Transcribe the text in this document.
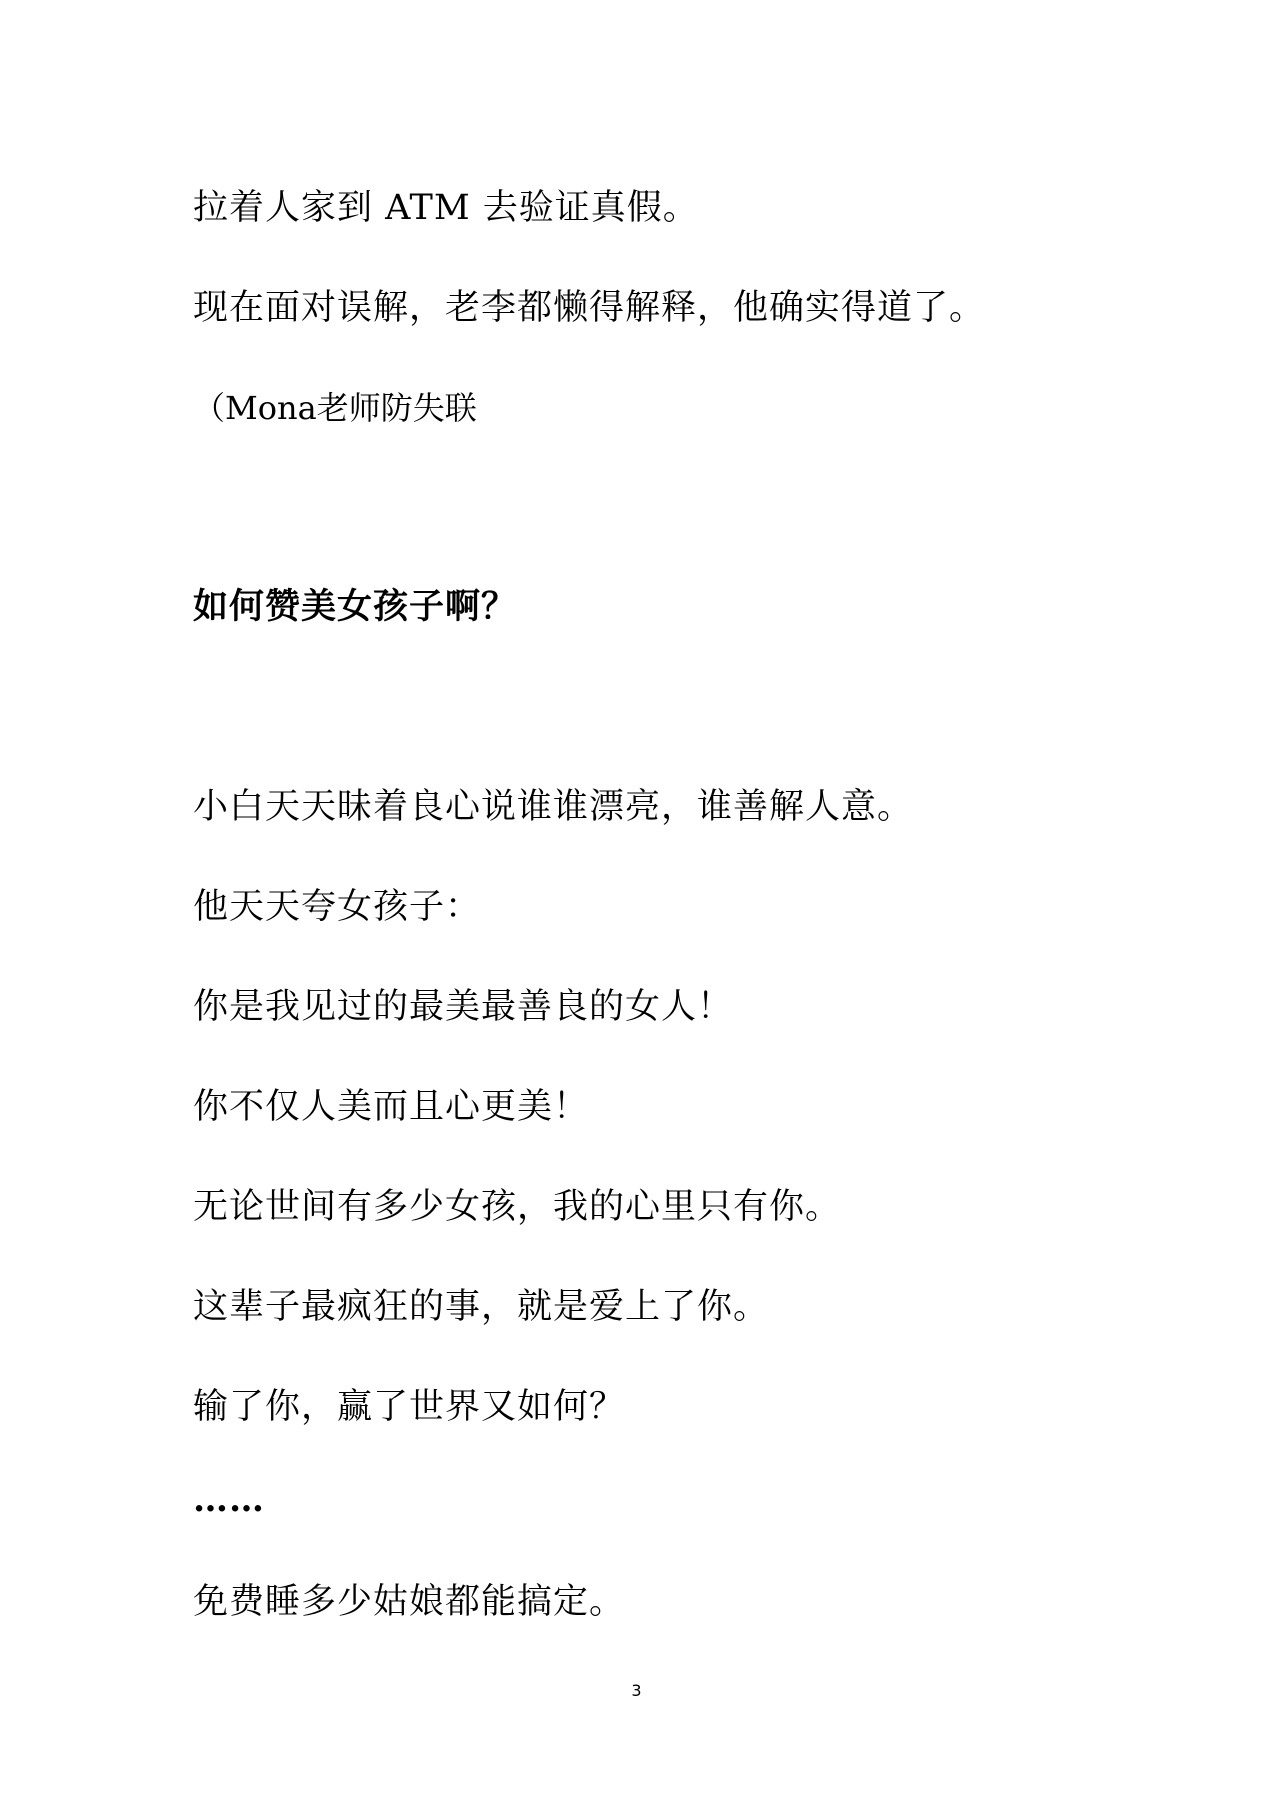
拉着人家到 ATM 去验证真假。
现在面对误解，老李都懒得解释，他确实得道了。
（Mona老师防失联
如何赞美女孩子啊？
小白天天昧着良心说谁谁漂亮，谁善解人意。
他天天夸女孩子：
你是我见过的最美最善良的女人！
你不仅人美而且心更美！
无论世间有多少女孩，我的心里只有你。
这辈子最疯狂的事，就是爱上了你。
输了你，赢了世界又如何？
……
免费睡多少姑娘都能搞定。
3
